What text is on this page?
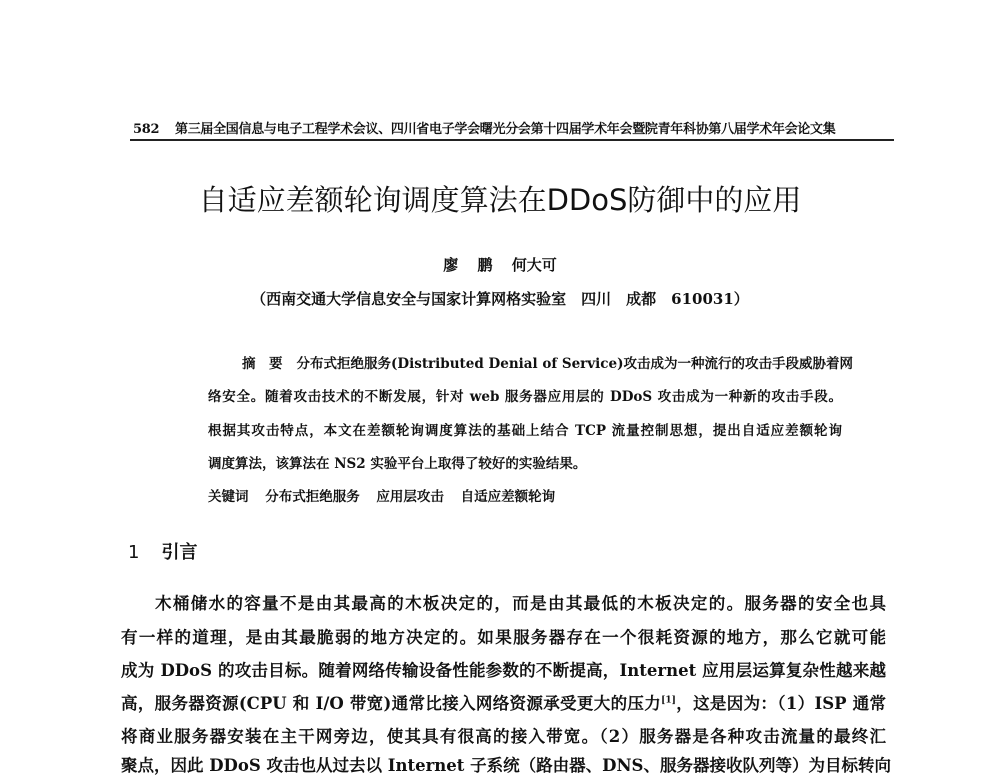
582 第三届全国信息与电子工程学术会议、四川省电子学会曙光分会第十四届学术年会暨院青年科协第八届学术年会论文集
自适应差额轮询调度算法在DDoS防御中的应用
廖 鹏 何大可
（西南交通大学信息安全与国家计算网格实验室　四川　成都　610031）
摘　要 分布式拒绝服务(Distributed Denial of Service)攻击成为一种流行的攻击手段威胁着网
络安全。随着攻击技术的不断发展，针对 web 服务器应用层的 DDoS 攻击成为一种新的攻击手段。
根据其攻击特点，本文在差额轮询调度算法的基础上结合 TCP 流量控制思想，提出自适应差额轮询
调度算法，该算法在 NS2 实验平台上取得了较好的实验结果。
关键词 分布式拒绝服务 应用层攻击 自适应差额轮询
1 引言
木桶储水的容量不是由其最高的木板决定的，而是由其最低的木板决定的。服务器的安全也具
有一样的道理，是由其最脆弱的地方决定的。如果服务器存在一个很耗资源的地方，那么它就可能
成为 DDoS 的攻击目标。随着网络传输设备性能参数的不断提高，Internet 应用层运算复杂性越来越
高，服务器资源(CPU 和 I/O 带宽)通常比接入网络资源承受更大的压力[1]，这是因为：（1）ISP 通常
将商业服务器安装在主干网旁边，使其具有很高的接入带宽。（2）服务器是各种攻击流量的最终汇
聚点，因此 DDoS 攻击也从过去以 Internet 子系统（路由器、DNS、服务器接收队列等）为目标转向
